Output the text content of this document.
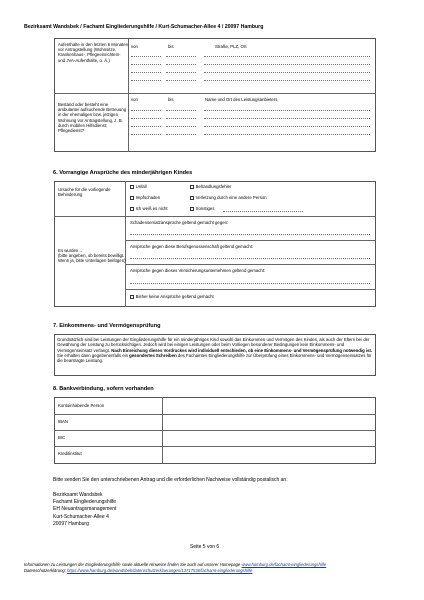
Bezirksamt Wandsbek / Fachamt Eingliederungshilfe / Kurt-Schumacher-Allee 4 / 20097 Hamburg
Aufenthalte in den letzten 6 Monaten
vor Antragstellung (Wohnsitze,
Krankenhaus-, Pflegeeinrichtem-
und JVA-Aufenthalte, o. Ä.)
von	bis	Straße, PLZ, Ort
Bestand oder besteht eine
ambulante/ aufsuchende Betreuung
in der ehemaligen bzw. jetzigen
Wohnung vor Antragstellung, z. B.
durch mobilen Hilfsdienst;
Pflegedienst?
von	bis	Name und Ort des Leistungsanbieters
6. Vorrangige Ansprüche des minderjährigen Kindes
Ursache für die vorliegende
Behinderung
Unfall	Behandlungsfehler
Impfschaden	Verletzung durch eine andere Person
Ich weiß es nicht	Sonstiges
Es wurden…
(bitte angeben, ob bereits bewilligt.
Wenn ja, bitte Unterlagen beifügen)
Schadensersatzansprüche geltend gemacht gegen:
Ansprüche gegen diese Berufsgenossenschaft geltend gemacht:
Ansprüche gegen dieses Versicherungsunternehmen geltend gemacht:
Bisher keine Ansprüche geltend gemacht
7. Einkommens- und Vermögensprüfung
Grundsätzlich sind bei Leistungen der Eingliederungshilfe für ein minderjähriges Kind sowohl das Einkommen und Vermögen des Kindes, als auch der Eltern bei der Gewährung der Leistung zu berücksichtigen. Jedoch wird bei einigen Leistungen oder beim Vorliegen besonderer Bedingungen kein Einkommens- und Vermögenseinsatz verlangt. Nach Einreichung dieses Vordruckes wird individuell entschieden, ob eine Einkommens- und Vermögensprüfung notwendig ist. Sie erhalten dann gegebenenfalls ein gesondertes Schreiben des Fachamtes Eingliederungshilfe zur Überprüfung eines Einkommens- und Vermögenseinsatzes für die beantragte Leistung.
8. Bankverbindung, sofern vorhanden
Kontoinhabende Person
IBAN
BIC
Kreditinstitut
Bitte senden Sie den unterschriebenen Antrag und die erforderlichen Nachweise vollständig postalisch an:
Bezirksamt Wandsbek
Fachamt Eingliederungshilfe
EH Neuantragsmanagement
Kurt-Schumacher-Allee 4
20097 Hamburg
Seite 5 von 6
Informationen zu Leistungen der Eingliederungshilfe sowie aktuelle Hinweise finden Sie auch auf unserer Homepage www.hamburg.de/fachamt-eingliederungshilfe
Datenschutzerklärung: https://www.hamburg.de/wandsbek/datenschutzerklaerungen/13717536/fachamt-eingliederungshilfe
